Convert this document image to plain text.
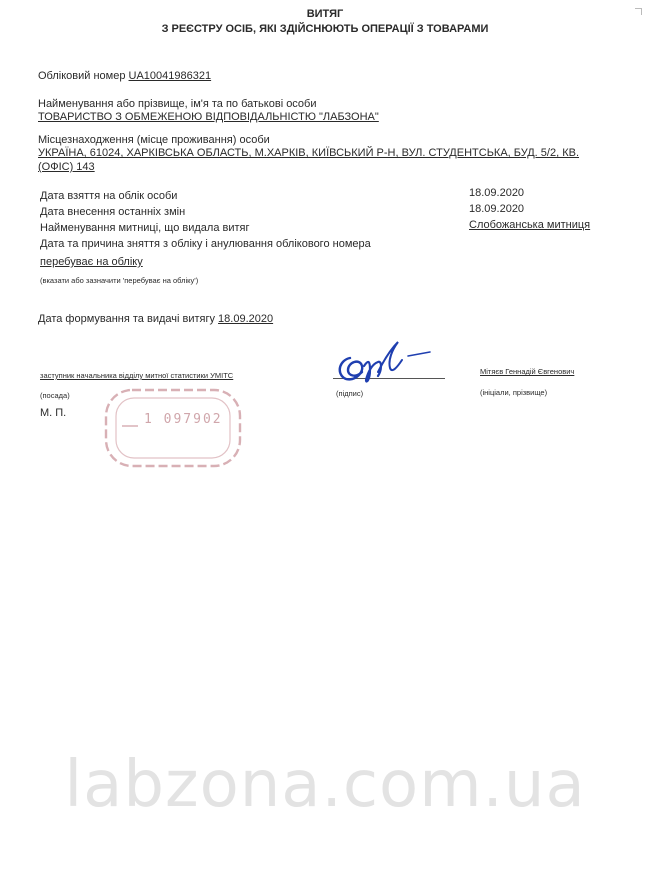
ВИТЯГ
З РЕЄСТРУ ОСІБ, ЯКІ ЗДІЙСНЮЮТЬ ОПЕРАЦІЇ З ТОВАРАМИ
Обліковий номер UA10041986321
Найменування або прізвище, ім'я та по батькові особи
ТОВАРИСТВО З ОБМЕЖЕНОЮ ВІДПОВІДАЛЬНІСТЮ "ЛАБЗОНА"
Місцезнаходження (місце проживання) особи
УКРАЇНА, 61024, ХАРКІВСЬКА ОБЛАСТЬ, М.ХАРКІВ, КИЇВСЬКИЙ Р-Н, ВУЛ. СТУДЕНТСЬКА, БУД. 5/2, КВ.
(ОФІС) 143
Дата взяття на облік особи	18.09.2020
Дата внесення останніх змін	18.09.2020
Найменування митниці, що видала витяг	Слобожанська митниця
Дата та причина зняття з обліку і анулювання облікового номера
перебуває на обліку
(вказати або зазначити 'перебуває на обліку')
Дата формування та видачі витягу 18.09.2020
заступник начальника відділу митної статистики УМІТС
(посада)	(підпис)
Мітяєв Геннадій Євгенович
(ініціали, прізвище)
М. П.	1 097902
labzona.com.ua
